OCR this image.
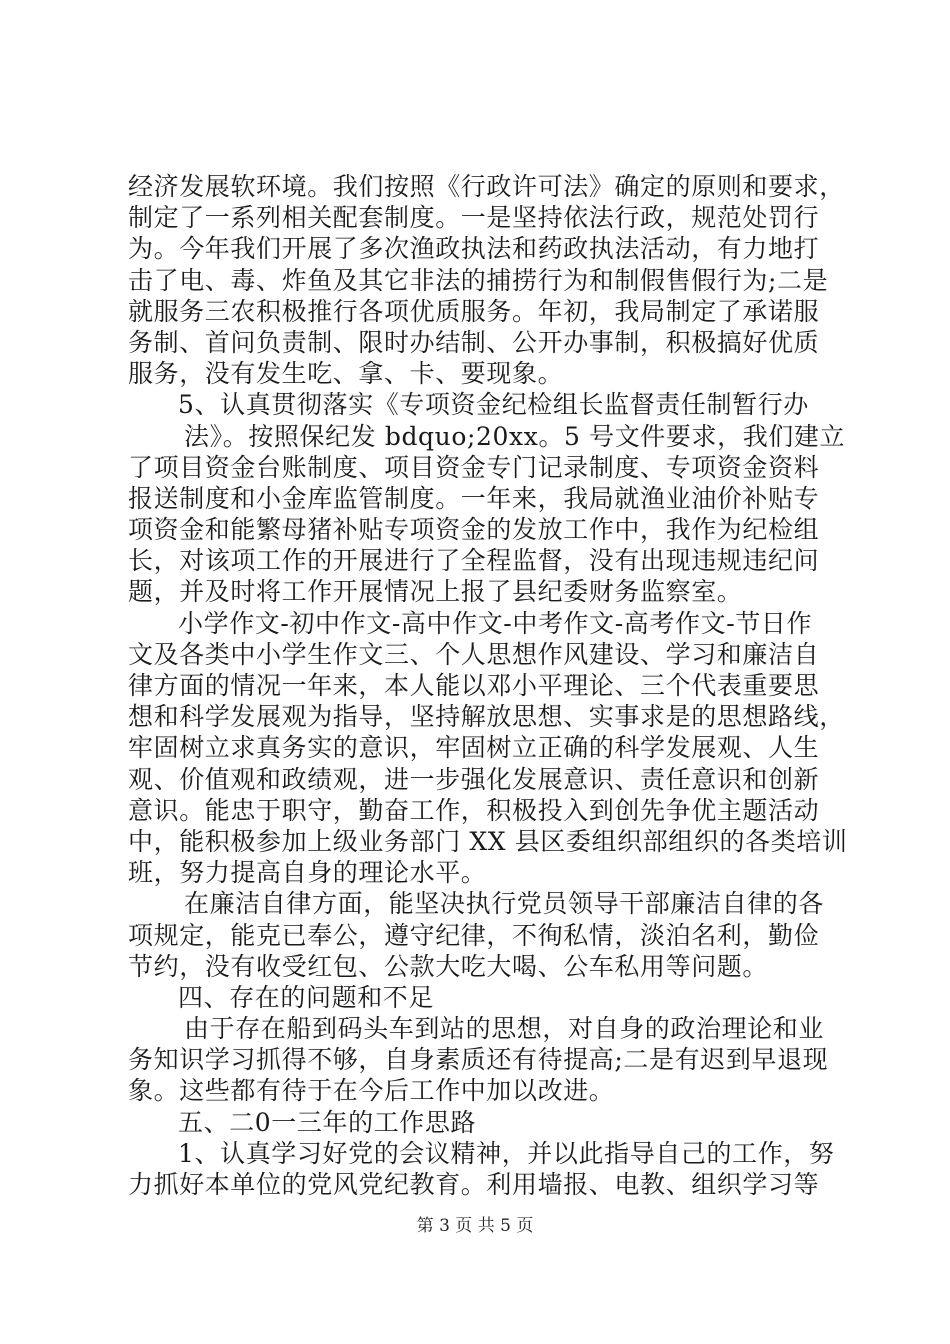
经济发展软环境。我们按照《行政许可法》确定的原则和要求，
制定了一系列相关配套制度。一是坚持依法行政，规范处罚行
为。今年我们开展了多次渔政执法和药政执法活动，有力地打
击了电、毒、炸鱼及其它非法的捕捞行为和制假售假行为;二是
就服务三农积极推行各项优质服务。年初，我局制定了承诺服
务制、首问负责制、限时办结制、公开办事制，积极搞好优质
服务，没有发生吃、拿、卡、要现象。
5、认真贯彻落实《专项资金纪检组长监督责任制暂行办
法》。按照保纪发 bdquo;20xx。5 号文件要求，我们建立
了项目资金台账制度、项目资金专门记录制度、专项资金资料
报送制度和小金库监管制度。一年来，我局就渔业油价补贴专
项资金和能繁母猪补贴专项资金的发放工作中，我作为纪检组
长，对该项工作的开展进行了全程监督，没有出现违规违纪问
题，并及时将工作开展情况上报了县纪委财务监察室。
小学作文-初中作文-高中作文-中考作文-高考作文-节日作
文及各类中小学生作文三、个人思想作风建设、学习和廉洁自
律方面的情况一年来，本人能以邓小平理论、三个代表重要思
想和科学发展观为指导，坚持解放思想、实事求是的思想路线，
牢固树立求真务实的意识，牢固树立正确的科学发展观、人生
观、价值观和政绩观，进一步强化发展意识、责任意识和创新
意识。能忠于职守，勤奋工作，积极投入到创先争优主题活动
中，能积极参加上级业务部门 XX 县区委组织部组织的各类培训
班，努力提高自身的理论水平。
在廉洁自律方面，能坚决执行党员领导干部廉洁自律的各
项规定，能克已奉公，遵守纪律，不徇私情，淡泊名利，勤俭
节约，没有收受红包、公款大吃大喝、公车私用等问题。
四、存在的问题和不足
由于存在船到码头车到站的思想，对自身的政治理论和业
务知识学习抓得不够，自身素质还有待提高;二是有迟到早退现
象。这些都有待于在今后工作中加以改进。
五、二0一三年的工作思路
1、认真学习好党的会议精神，并以此指导自己的工作，努
力抓好本单位的党风党纪教育。利用墙报、电教、组织学习等
第 3 页 共 5 页
